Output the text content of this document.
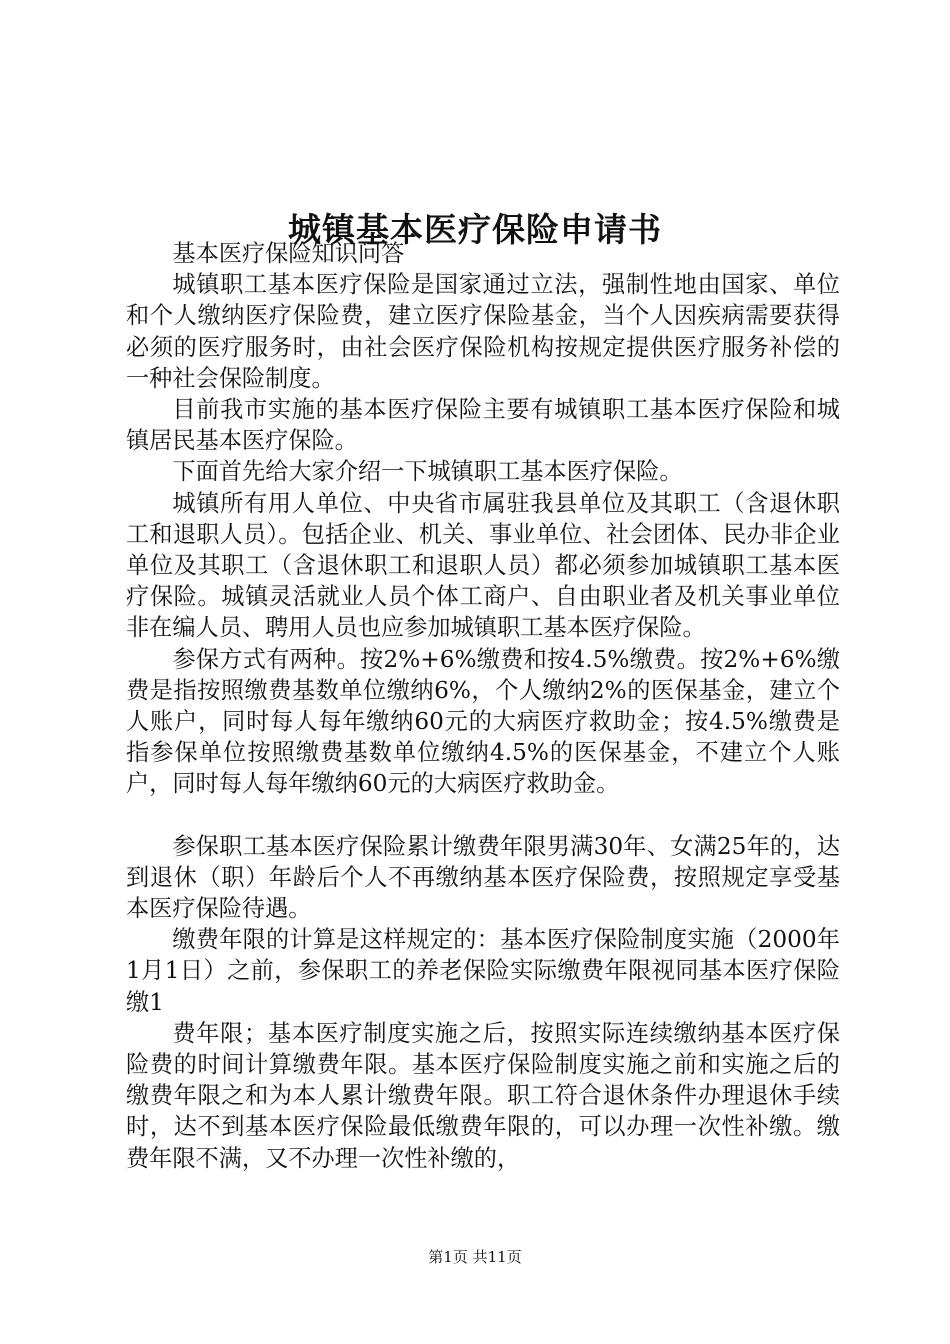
城镇基本医疗保险申请书

基本医疗保险知识问答

城镇职工基本医疗保险是国家通过立法，强制性地由国家、单位和个人缴纳医疗保险费，建立医疗保险基金，当个人因疾病需要获得必须的医疗服务时，由社会医疗保险机构按规定提供医疗服务补偿的一种社会保险制度。

目前我市实施的基本医疗保险主要有城镇职工基本医疗保险和城镇居民基本医疗保险。

下面首先给大家介绍一下城镇职工基本医疗保险。

城镇所有用人单位、中央省市属驻我县单位及其职工（含退休职工和退职人员）。包括企业、机关、事业单位、社会团体、民办非企业单位及其职工（含退休职工和退职人员）都必须参加城镇职工基本医疗保险。城镇灵活就业人员个体工商户、自由职业者及机关事业单位非在编人员、聘用人员也应参加城镇职工基本医疗保险。

参保方式有两种。按2%+6%缴费和按4.5%缴费。按2%+6%缴费是指按照缴费基数单位缴纳6%，个人缴纳2%的医保基金，建立个人账户，同时每人每年缴纳60元的大病医疗救助金；按4.5%缴费是指参保单位按照缴费基数单位缴纳4.5%的医保基金，不建立个人账户，同时每人每年缴纳60元的大病医疗救助金。

参保职工基本医疗保险累计缴费年限男满30年、女满25年的，达到退休（职）年龄后个人不再缴纳基本医疗保险费，按照规定享受基本医疗保险待遇。

缴费年限的计算是这样规定的：基本医疗保险制度实施（2000年1月1日）之前，参保职工的养老保险实际缴费年限视同基本医疗保险缴1

费年限；基本医疗制度实施之后，按照实际连续缴纳基本医疗保险费的时间计算缴费年限。基本医疗保险制度实施之前和实施之后的缴费年限之和为本人累计缴费年限。职工符合退休条件办理退休手续时，达不到基本医疗保险最低缴费年限的，可以办理一次性补缴。缴费年限不满，又不办理一次性补缴的，

第1页 共11页
